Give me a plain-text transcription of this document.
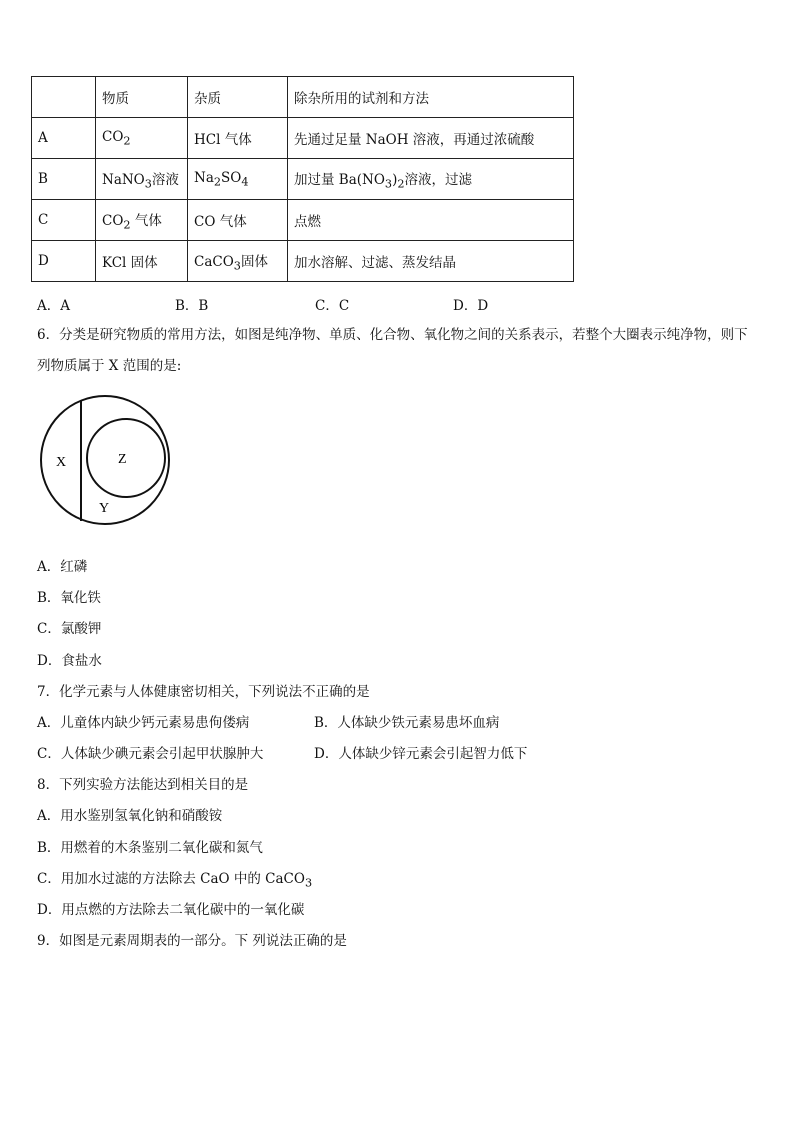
	物质	杂质	除杂所用的试剂和方法
A	$CO_2$	HCl 气体	先通过足量 NaOH 溶液，再通过浓硫酸
B	NaNO$_3$溶液	$Na_2SO_4$	加过量 $Ba(NO_3)_2$溶液，过滤
C	$CO_2$ 气体	CO 气体	点燃
D	KCl 固体	CaCO$_3$固体	加水溶解、过滤、蒸发结晶
A．A	B．B	C．C	D．D
6．分类是研究物质的常用方法，如图是纯净物、单质、化合物、氧化物之间的关系表示，若整个大圈表示纯净物，则下列物质属于 X 范围的是:
X	Z
Y
A．红磷
B．氧化铁
C．氯酸钾
D．食盐水
7．化学元素与人体健康密切相关，下列说法不正确的是
A．儿童体内缺少钙元素易患佝偻病	B．人体缺少铁元素易患坏血病
C．人体缺少碘元素会引起甲状腺肿大	D．人体缺少锌元素会引起智力低下
8．下列实验方法能达到相关目的是
A．用水鉴别氢氧化钠和硝酸铵
B．用燃着的木条鉴别二氧化碳和氮气
C．用加水过滤的方法除去 CaO 中的 CaCO$_3$
D．用点燃的方法除去二氧化碳中的一氧化碳
9．如图是元素周期表的一部分。下 列说法正确的是
